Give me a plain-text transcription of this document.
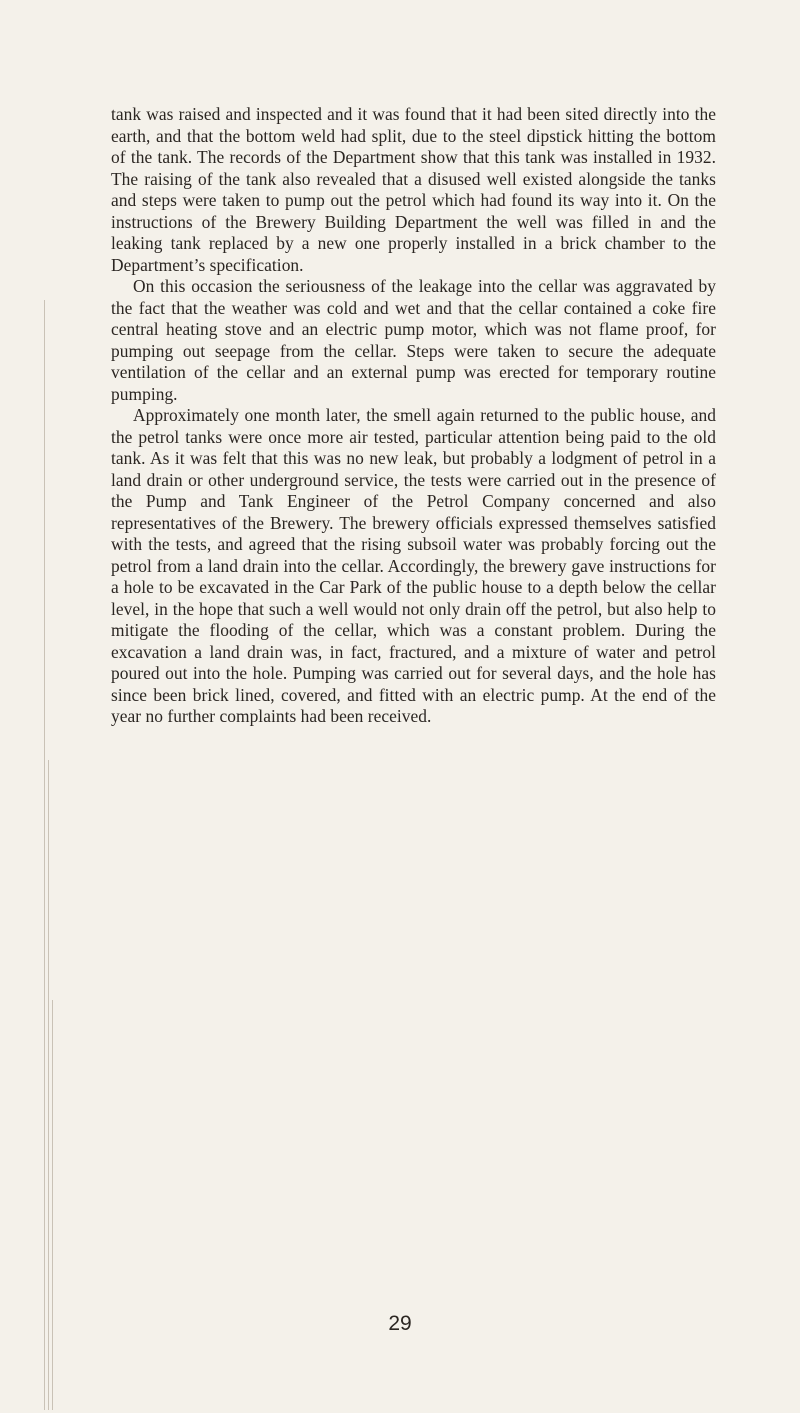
tank was raised and inspected and it was found that it had been sited directly into the earth, and that the bottom weld had split, due to the steel dipstick hitting the bottom of the tank. The records of the Department show that this tank was installed in 1932. The raising of the tank also revealed that a disused well existed alongside the tanks and steps were taken to pump out the petrol which had found its way into it. On the instructions of the Brewery Building Department the well was filled in and the leaking tank replaced by a new one properly installed in a brick chamber to the Department’s specification.

On this occasion the seriousness of the leakage into the cellar was aggravated by the fact that the weather was cold and wet and that the cellar contained a coke fire central heating stove and an electric pump motor, which was not flame proof, for pumping out seepage from the cellar. Steps were taken to secure the adequate ventilation of the cellar and an external pump was erected for temporary routine pumping.

Approximately one month later, the smell again returned to the public house, and the petrol tanks were once more air tested, particular attention being paid to the old tank. As it was felt that this was no new leak, but probably a lodgment of petrol in a land drain or other underground service, the tests were carried out in the presence of the Pump and Tank Engineer of the Petrol Company concerned and also representatives of the Brewery. The brewery officials expressed themselves satisfied with the tests, and agreed that the rising subsoil water was probably forcing out the petrol from a land drain into the cellar. Accordingly, the brewery gave instructions for a hole to be excavated in the Car Park of the public house to a depth below the cellar level, in the hope that such a well would not only drain off the petrol, but also help to mitigate the flooding of the cellar, which was a constant problem. During the excavation a land drain was, in fact, fractured, and a mixture of water and petrol poured out into the hole. Pumping was carried out for several days, and the hole has since been brick lined, covered, and fitted with an electric pump. At the end of the year no further complaints had been received.

29
